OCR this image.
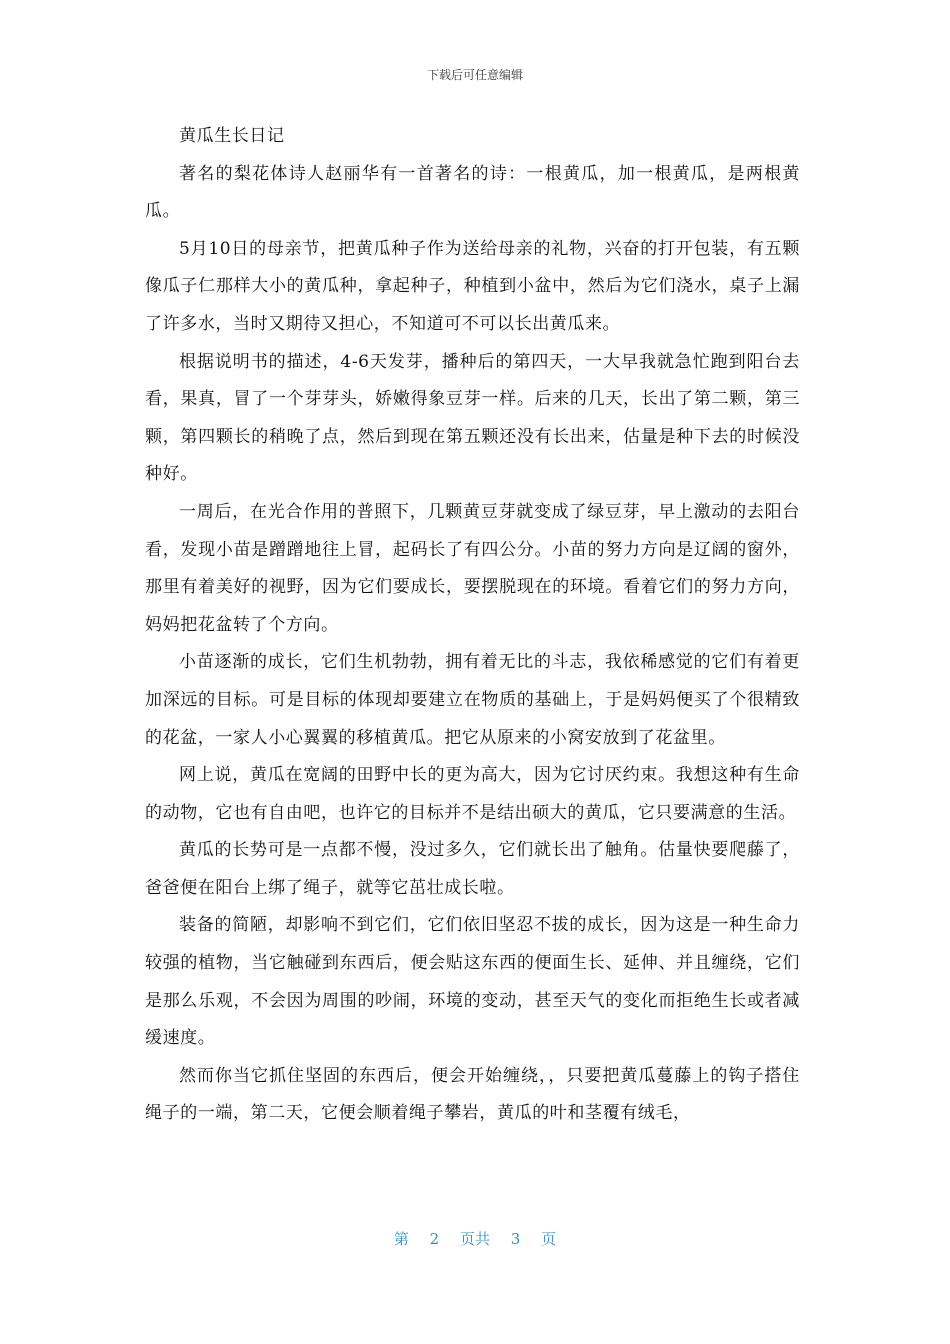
下载后可任意编辑

黄瓜生长日记

著名的梨花体诗人赵丽华有一首著名的诗：一根黄瓜，加一根黄瓜，是两根黄瓜。

5月10日的母亲节，把黄瓜种子作为送给母亲的礼物，兴奋的打开包装，有五颗像瓜子仁那样大小的黄瓜种，拿起种子，种植到小盆中，然后为它们浇水，桌子上漏了许多水，当时又期待又担心，不知道可不可以长出黄瓜来。

根据说明书的描述，4-6天发芽，播种后的第四天，一大早我就急忙跑到阳台去看，果真，冒了一个芽芽头，娇嫩得象豆芽一样。后来的几天，长出了第二颗，第三颗，第四颗长的稍晚了点，然后到现在第五颗还没有长出来，估量是种下去的时候没种好。

一周后，在光合作用的普照下，几颗黄豆芽就变成了绿豆芽，早上激动的去阳台看，发现小苗是蹭蹭地往上冒，起码长了有四公分。小苗的努力方向是辽阔的窗外，那里有着美好的视野，因为它们要成长，要摆脱现在的环境。看着它们的努力方向，妈妈把花盆转了个方向。

小苗逐渐的成长，它们生机勃勃，拥有着无比的斗志，我依稀感觉的它们有着更加深远的目标。可是目标的体现却要建立在物质的基础上，于是妈妈便买了个很精致的花盆，一家人小心翼翼的移植黄瓜。把它从原来的小窝安放到了花盆里。

网上说，黄瓜在宽阔的田野中长的更为高大，因为它讨厌约束。我想这种有生命的动物，它也有自由吧，也许它的目标并不是结出硕大的黄瓜，它只要满意的生活。

黄瓜的长势可是一点都不慢，没过多久，它们就长出了触角。估量快要爬藤了，爸爸便在阳台上绑了绳子，就等它茁壮成长啦。

装备的简陋，却影响不到它们，它们依旧坚忍不拔的成长，因为这是一种生命力较强的植物，当它触碰到东西后，便会贴这东西的便面生长、延伸、并且缠绕，它们是那么乐观，不会因为周围的吵闹，环境的变动，甚至天气的变化而拒绝生长或者减缓速度。

然而你当它抓住坚固的东西后，便会开始缠绕，，只要把黄瓜蔓藤上的钩子搭住绳子的一端，第二天，它便会顺着绳子攀岩，黄瓜的叶和茎覆有绒毛，

第 2 页共 3 页
